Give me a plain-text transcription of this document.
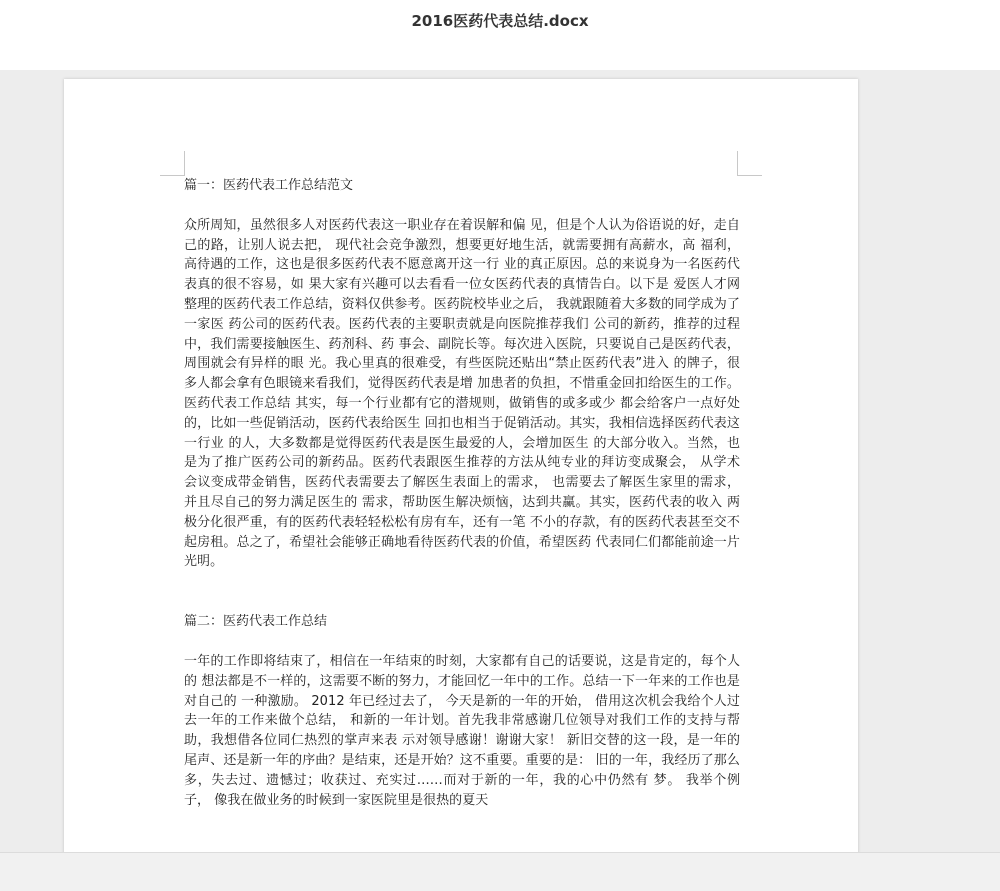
2016医药代表总结.docx

篇一：医药代表工作总结范文

众所周知，虽然很多人对医药代表这一职业存在着误解和偏 见，但是个人认为俗语说的好，走自己的路，让别人说去把， 现代社会竞争激烈，想要更好地生活，就需要拥有高薪水，高 福利，高待遇的工作，这也是很多医药代表不愿意离开这一行 业的真正原因。总的来说身为一名医药代表真的很不容易，如 果大家有兴趣可以去看看一位女医药代表的真情告白。以下是 爱医人才网整理的医药代表工作总结，资料仅供参考。医药院校毕业之后， 我就跟随着大多数的同学成为了一家医 药公司的医药代表。医药代表的主要职责就是向医院推荐我们 公司的新药，推荐的过程中，我们需要接触医生、药剂科、药 事会、副院长等。每次进入医院，只要说自己是医药代表，周围就会有异样的眼 光。我心里真的很难受，有些医院还贴出“禁止医药代表”进入 的牌子，很多人都会拿有色眼镜来看我们，觉得医药代表是增 加患者的负担，不惜重金回扣给医生的工作。 医药代表工作总结 其实，每一个行业都有它的潜规则，做销售的或多或少 都会给客户一点好处的，比如一些促销活动，医药代表给医生 回扣也相当于促销活动。其实，我相信选择医药代表这一行业 的人，大多数都是觉得医药代表是医生最爱的人，会增加医生 的大部分收入。当然，也是为了推广医药公司的新药品。医药代表跟医生推荐的方法从纯专业的拜访变成聚会， 从学术 会议变成带金销售，医药代表需要去了解医生表面上的需求， 也需要去了解医生家里的需求， 并且尽自己的努力满足医生的 需求，帮助医生解决烦恼，达到共赢。其实，医药代表的收入 两极分化很严重，有的医药代表轻轻松松有房有车，还有一笔 不小的存款，有的医药代表甚至交不起房租。总之了，希望社会能够正确地看待医药代表的价值，希望医药 代表同仁们都能前途一片光明。

篇二：医药代表工作总结

一年的工作即将结束了，相信在一年结束的时刻，大家都有自己的话要说，这是肯定的，每个人的 想法都是不一样的，这需要不断的努力，才能回忆一年中的工作。总结一下一年来的工作也是对自己的 一种激励。 2012 年已经过去了， 今天是新的一年的开始， 借用这次机会我给个人过去一年的工作来做个总结， 和新的一年计划。首先我非常感谢几位领导对我们工作的支持与帮助，我想借各位同仁热烈的掌声来表 示对领导感谢！谢谢大家！ 新旧交替的这一段，是一年的尾声、还是新一年的序曲？是结束，还是开始？这不重要。重要的是： 旧的一年，我经历了那么多，失去过、遗憾过；收获过、充实过……而对于新的一年，我的心中仍然有 梦。 我举个例子， 像我在做业务的时候到一家医院里是很热的夏天
